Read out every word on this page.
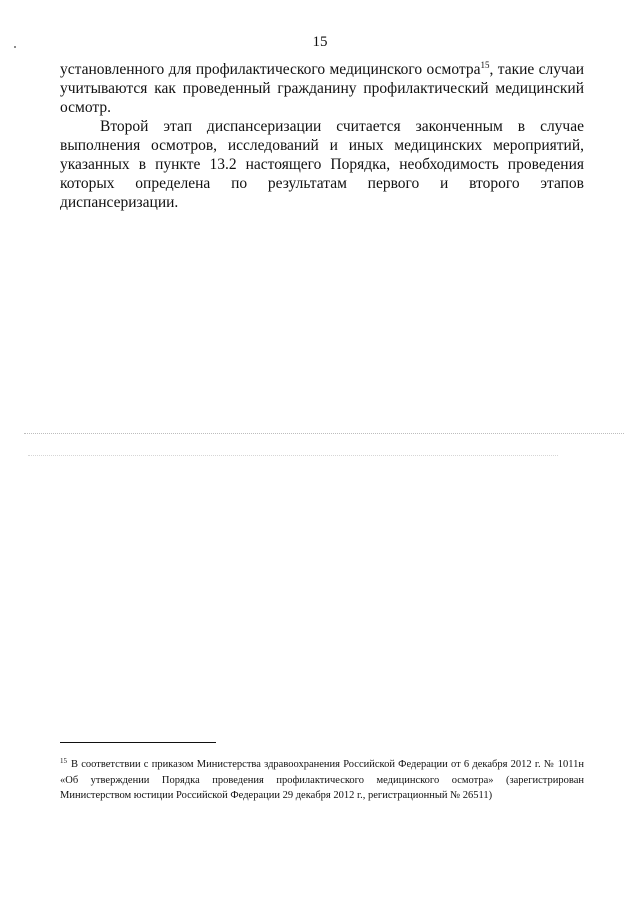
15

установленного для профилактического медицинского осмотра$^{15}$, такие случаи учитываются как проведенный гражданину профилактический медицинский осмотр.

Второй этап диспансеризации считается законченным в случае выполнения осмотров, исследований и иных медицинских мероприятий, указанных в пункте 13.2 настоящего Порядка, необходимость проведения которых определена по результатам первого и второго этапов диспансеризации.

$^{15}$ В соответствии с приказом Министерства здравоохранения Российской Федерации от 6 декабря 2012 г. № 1011н «Об утверждении Порядка проведения профилактического медицинского осмотра» (зарегистрирован Министерством юстиции Российской Федерации 29 декабря 2012 г., регистрационный № 26511)
